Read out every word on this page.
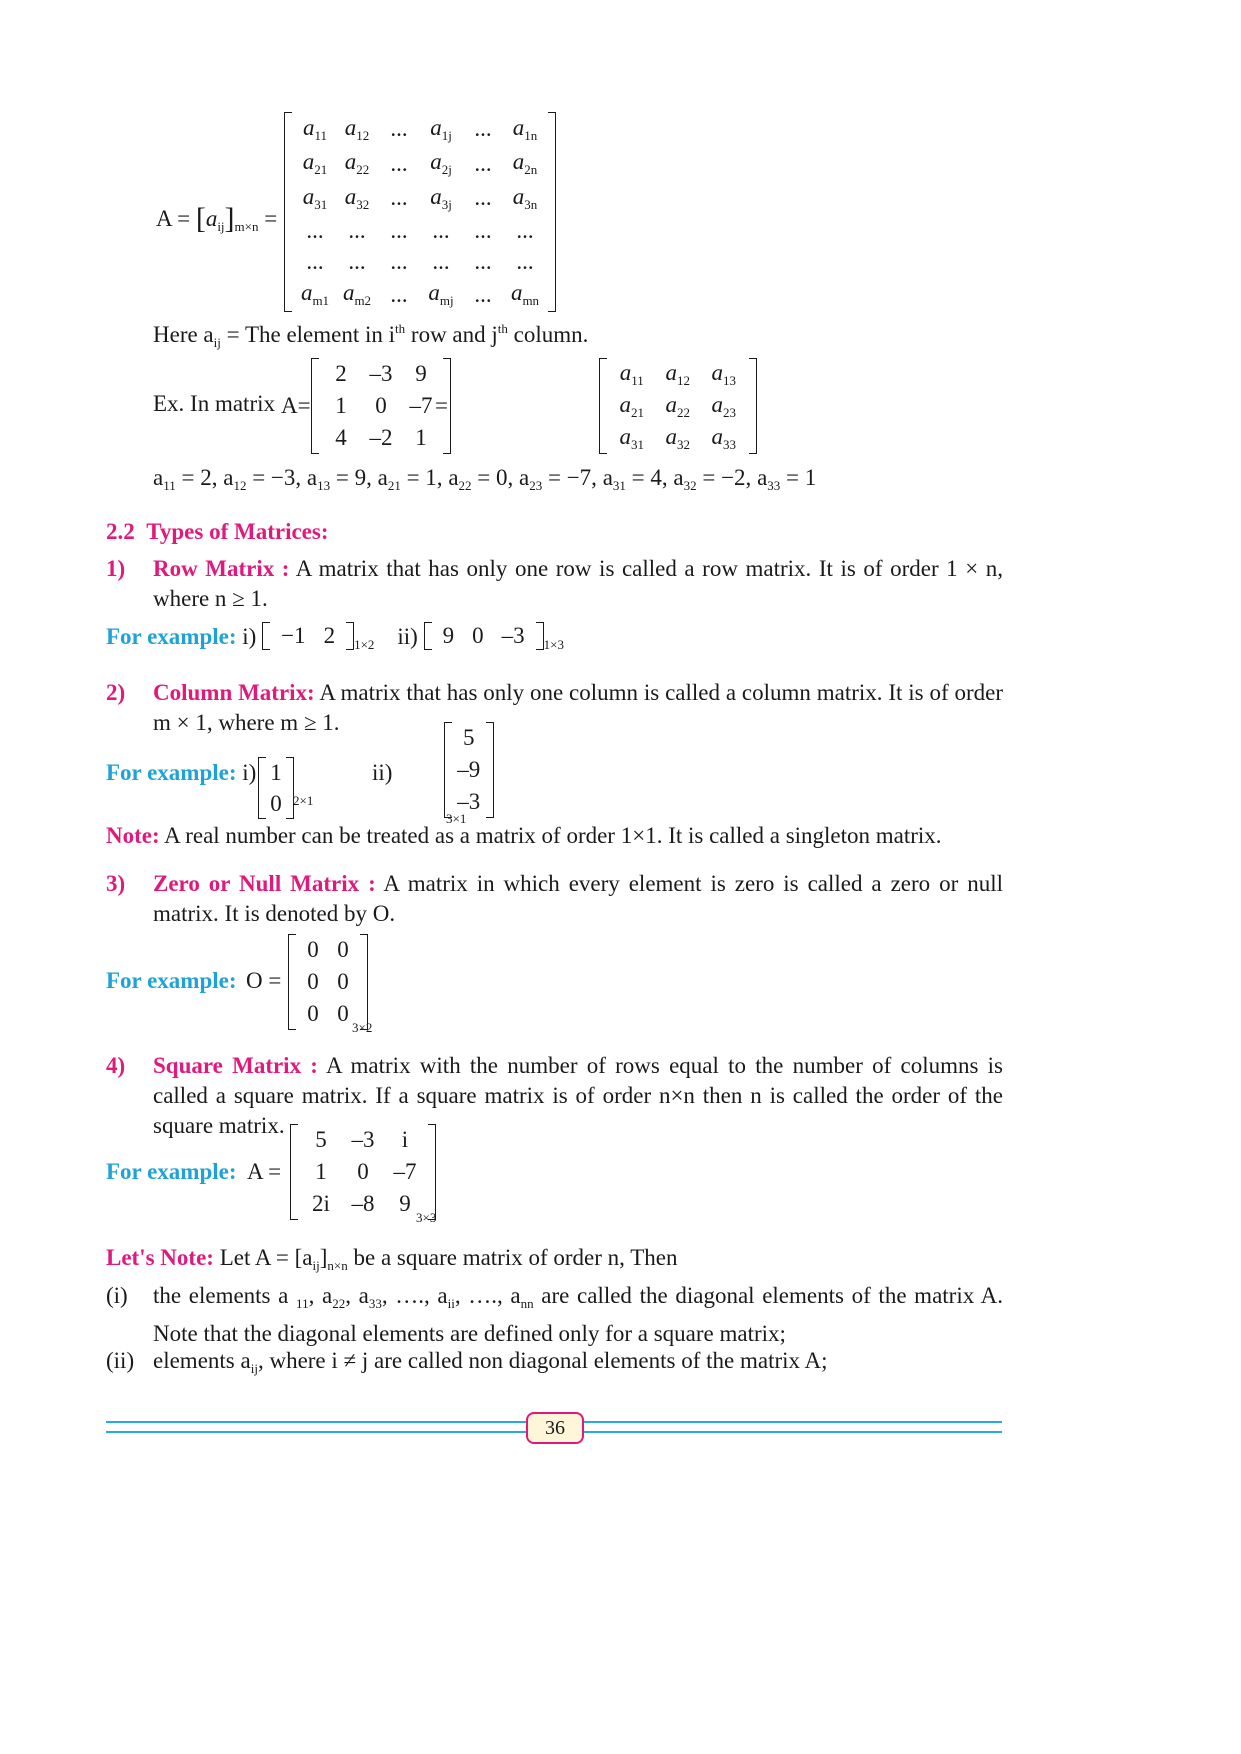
$A = [a_{ij}]_{m\times n}$ =
$a_{11}$	$a_{12}$	...	$a_{1j}$	...	$a_{1n}$
$a_{21}$	$a_{22}$	...	$a_{2j}$	...	$a_{2n}$
$a_{31}$	$a_{32}$	...	$a_{3j}$	...	$a_{3n}$
...	...	...	...	...	...
...	...	...	...	...	...
$a_{m1}$	$a_{m2}$	...	$a_{mj}$	...	$a_{mn}$
Here $a_{ij}$ = The element in $i^{th}$ row and $j^{th}$ column.
Ex. In matrix A=
2	–3	9
1	0	–7
4	–2	1

=
$a_{11}$	$a_{12}$	$a_{13}$
$a_{21}$	$a_{22}$	$a_{23}$
$a_{31}$	$a_{32}$	$a_{33}$
$a_{11} = 2$, $a_{12} = -3$, $a_{13} = 9$, $a_{21} = 1$, $a_{22} = 0$, $a_{23} = -7$, $a_{31} = 4$, $a_{32} = -2$, $a_{33} = 1$
2.2 Types of Matrices:
1) Row Matrix : A matrix that has only one row is called a row matrix. It is of order 1 × n, where n ≥ 1.
For example: i) −1	2 $_{1\times 2}$ ii) 9	0	–3 $_{1\times 3}$
2) Column Matrix: A matrix that has only one column is called a column matrix. It is of order m × 1, where m ≥ 1.
For example: i) 1
0
2×1
ii)
5
–9
–3
3×1
Note: A real number can be treated as a matrix of order 1×1. It is called a singleton matrix.
3) Zero or Null Matrix : A matrix in which every element is zero is called a zero or null matrix. It is denoted by O.
For example: O =
0	0
0	0
0	0
3×2
4) Square Matrix : A matrix with the number of rows equal to the number of columns is called a square matrix. If a square matrix is of order n×n then n is called the order of the square matrix.
For example: A =
5	–3	i
1	0	–7
2i	–8	9
3×3
Let's Note: Let $A = [a_{ij}]_{n\times n}$ be a square matrix of order n, Then
(i) the elements a $_{11}$, $a_{22}$, $a_{33}$, …., $a_{ii}$, …., $a_{nn}$ are called the diagonal elements of the matrix A. Note that the diagonal elements are defined only for a square matrix;
(ii) elements $a_{ij}$, where i ≠ j are called non diagonal elements of the matrix A;
36
